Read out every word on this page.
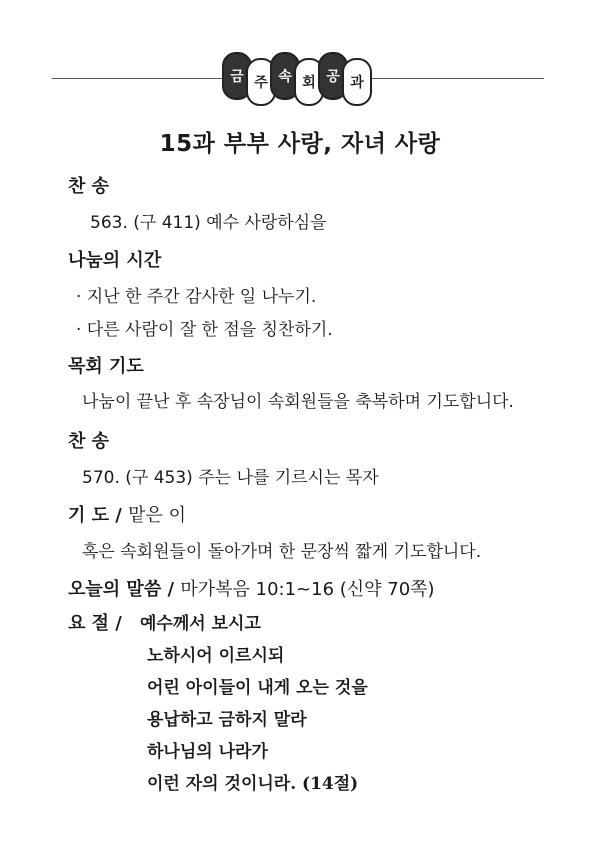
금 주 속 회 공 과
15과 부부 사랑, 자녀 사랑
찬 송
563. (구 411) 예수 사랑하심을
나눔의 시간
· 지난 한 주간 감사한 일 나누기.
· 다른 사람이 잘 한 점을 칭찬하기.
목회 기도
나눔이 끝난 후 속장님이 속회원들을 축복하며 기도합니다.
찬 송
570. (구 453) 주는 나를 기르시는 목자
기 도 / 맡은 이
혹은 속회원들이 돌아가며 한 문장씩 짧게 기도합니다.
오늘의 말씀 / 마가복음 10:1~16 (신약 70쪽)
요 절 / 예수께서 보시고
노하시어 이르시되
어린 아이들이 내게 오는 것을
용납하고 금하지 말라
하나님의 나라가
이런 자의 것이니라. (14절)
